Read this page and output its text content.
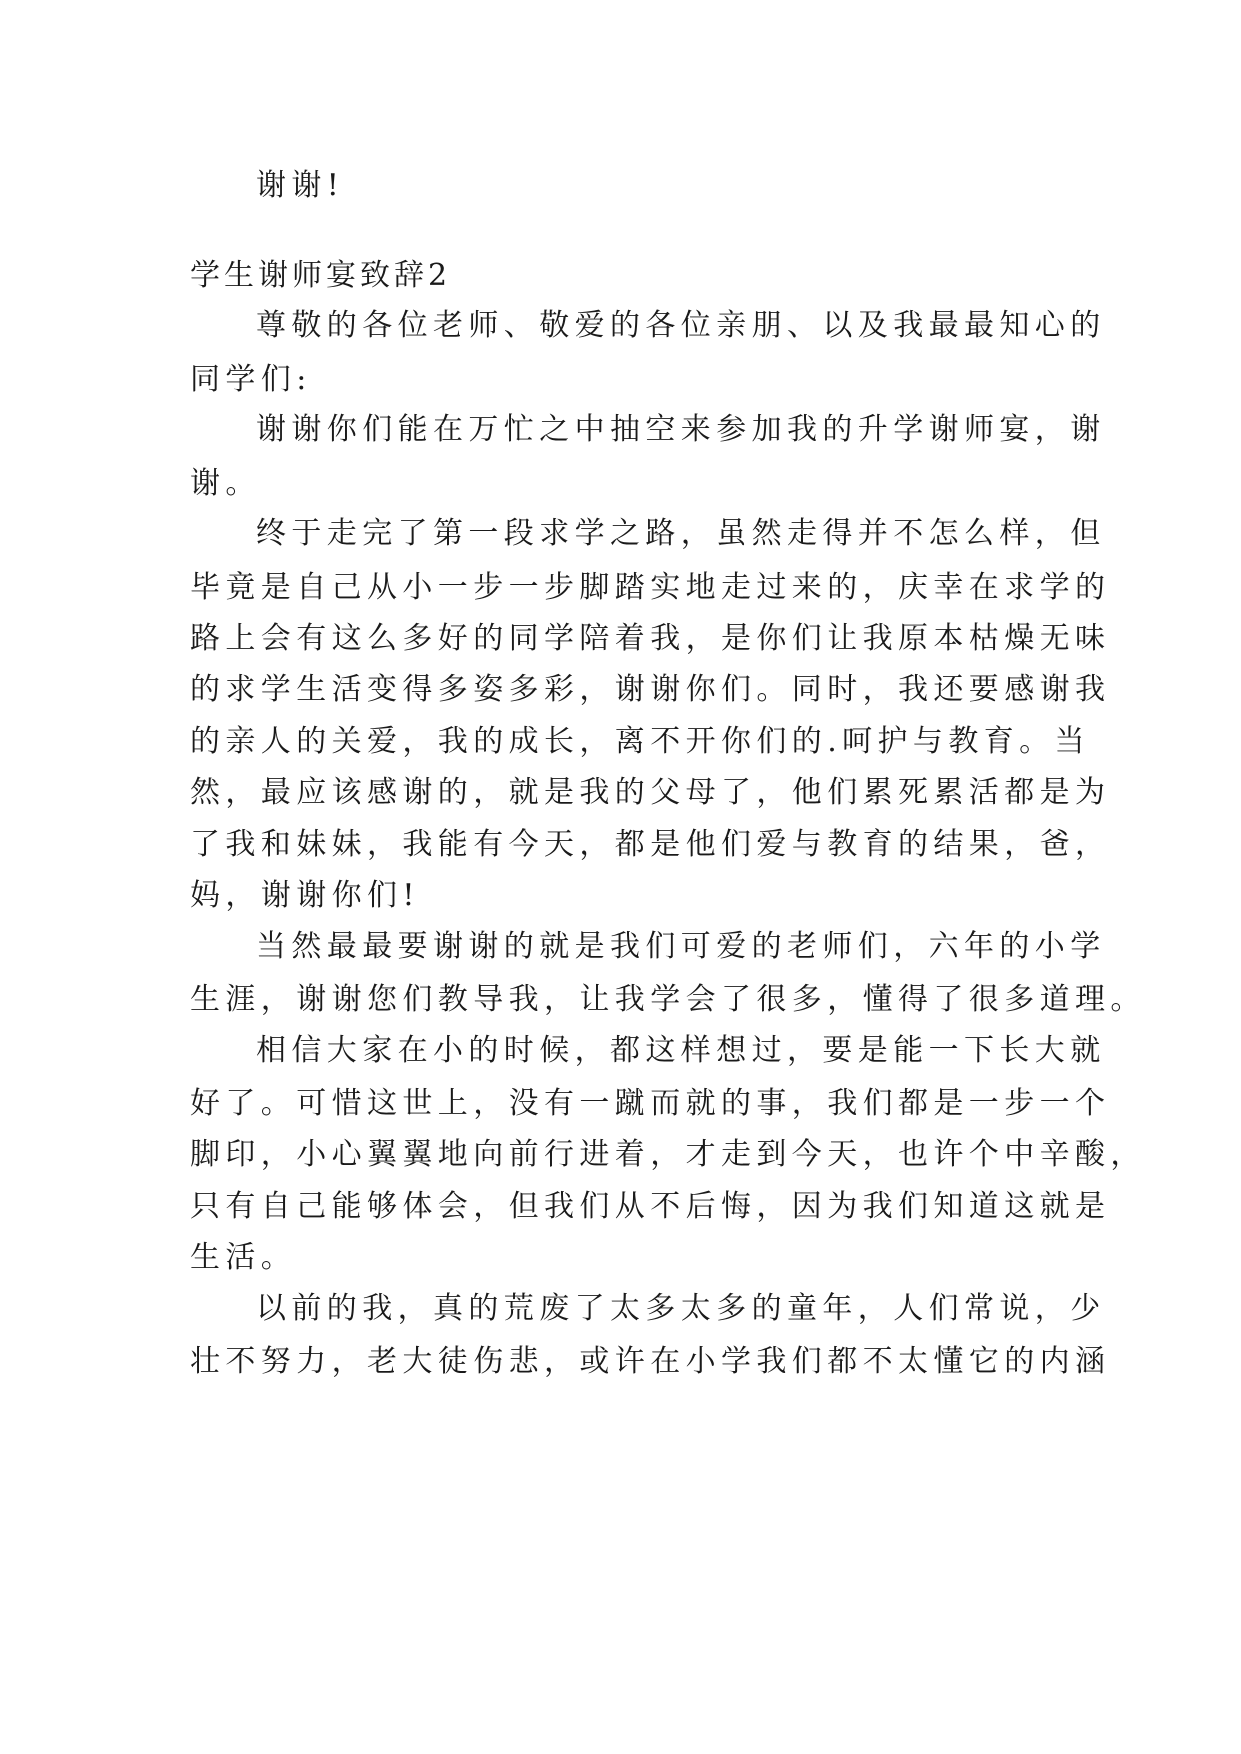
谢谢!
学生谢师宴致辞2
尊敬的各位老师、敬爱的各位亲朋、以及我最最知心的
同学们:
谢谢你们能在万忙之中抽空来参加我的升学谢师宴，谢
谢。
终于走完了第一段求学之路，虽然走得并不怎么样，但
毕竟是自己从小一步一步脚踏实地走过来的，庆幸在求学的
路上会有这么多好的同学陪着我，是你们让我原本枯燥无味
的求学生活变得多姿多彩，谢谢你们。同时，我还要感谢我
的亲人的关爱，我的成长，离不开你们的.呵护与教育。当
然，最应该感谢的，就是我的父母了，他们累死累活都是为
了我和妹妹，我能有今天，都是他们爱与教育的结果，爸，
妈，谢谢你们!
当然最最要谢谢的就是我们可爱的老师们，六年的小学
生涯，谢谢您们教导我，让我学会了很多，懂得了很多道理。
相信大家在小的时候，都这样想过，要是能一下长大就
好了。可惜这世上，没有一蹴而就的事，我们都是一步一个
脚印，小心翼翼地向前行进着，才走到今天，也许个中辛酸，
只有自己能够体会，但我们从不后悔，因为我们知道这就是
生活。
以前的我，真的荒废了太多太多的童年，人们常说，少
壮不努力，老大徒伤悲，或许在小学我们都不太懂它的内涵
